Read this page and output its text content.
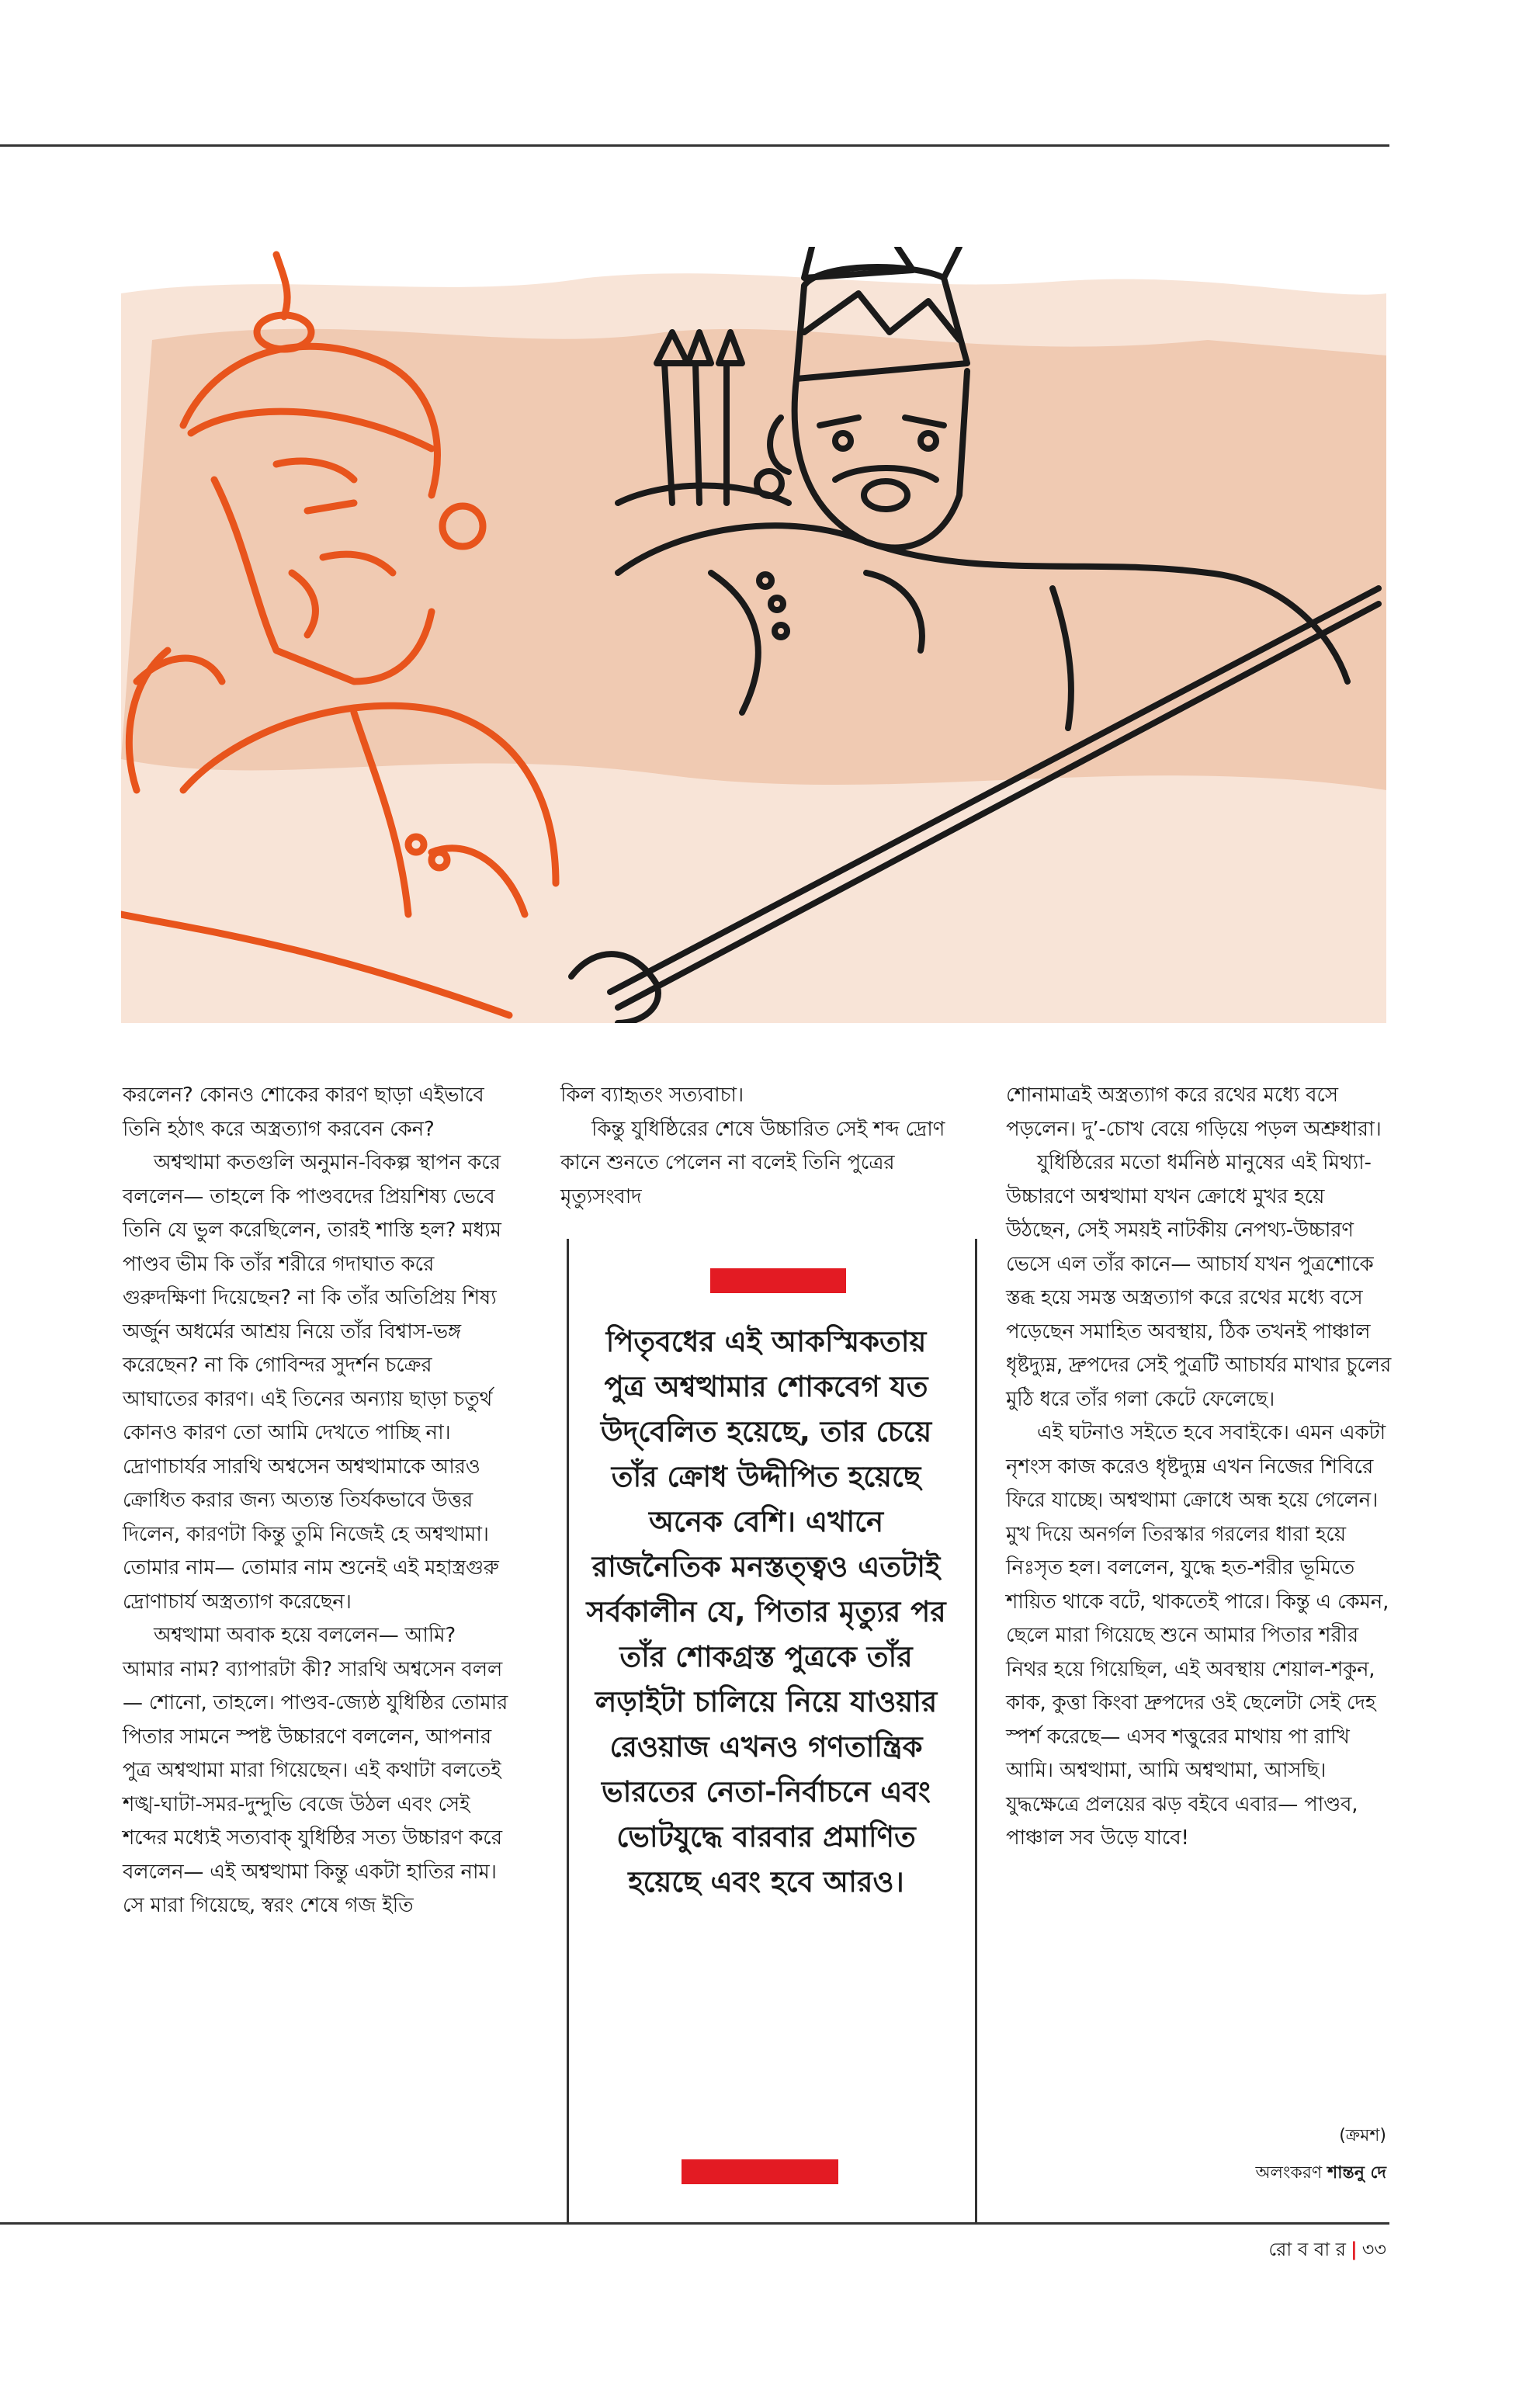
করলেন? কোনও শোকের কারণ ছাড়া এইভাবে তিনি হঠাৎ করে অস্ত্রত্যাগ করবেন কেন?

অশ্বত্থামা কতগুলি অনুমান-বিকল্প স্থাপন করে বললেন— তাহলে কি পাণ্ডবদের প্রিয়শিষ্য ভেবে তিনি যে ভুল করেছিলেন, তারই শাস্তি হল? মধ্যম পাণ্ডব ভীম কি তাঁর শরীরে গদাঘাত করে গুরুদক্ষিণা দিয়েছেন? না কি তাঁর অতিপ্রিয় শিষ্য অর্জুন অধর্মের আশ্রয় নিয়ে তাঁর বিশ্বাস-ভঙ্গ করেছেন? না কি গোবিন্দর সুদর্শন চক্রের আঘাতের কারণ। এই তিনের অন্যায় ছাড়া চতুর্থ কোনও কারণ তো আমি দেখতে পাচ্ছি না। দ্রোণাচার্যর সারথি অশ্বসেন অশ্বত্থামাকে আরও ক্রোধিত করার জন্য অত্যন্ত তির্যকভাবে উত্তর দিলেন, কারণটা কিন্তু তুমি নিজেই হে অশ্বত্থামা। তোমার নাম— তোমার নাম শুনেই এই মহাস্ত্রগুরু দ্রোণাচার্য অস্ত্রত্যাগ করেছেন।

অশ্বত্থামা অবাক হয়ে বললেন— আমি? আমার নাম? ব্যাপারটা কী? সারথি অশ্বসেন বলল— শোনো, তাহলে। পাণ্ডব-জ্যেষ্ঠ যুধিষ্ঠির তোমার পিতার সামনে স্পষ্ট উচ্চারণে বললেন, আপনার পুত্র অশ্বত্থামা মারা গিয়েছেন। এই কথাটা বলতেই শঙ্খ-ঘাটা-সমর-দুন্দুভি বেজে উঠল এবং সেই শব্দের মধ্যেই সত্যবাক্ যুধিষ্ঠির সত্য উচ্চারণ করে বললেন— এই অশ্বত্থামা কিন্তু একটা হাতির নাম। সে মারা গিয়েছে, স্বরং শেষে গজ ইতি

কিল ব্যাহৃতং সত্যবাচা।

কিন্তু যুধিষ্ঠিরের শেষে উচ্চারিত সেই শব্দ দ্রোণ কানে শুনতে পেলেন না বলেই তিনি পুত্রের মৃত্যুসংবাদ

পিতৃবধের এই আকস্মিকতায় পুত্র অশ্বত্থামার শোকবেগ যত উদ্‌বেলিত হয়েছে, তার চেয়ে তাঁর ক্রোধ উদ্দীপিত হয়েছে অনেক বেশি। এখানে রাজনৈতিক মনস্তত্ত্বও এতটাই সর্বকালীন যে, পিতার মৃত্যুর পর তাঁর শোকগ্রস্ত পুত্রকে তাঁর লড়াইটা চালিয়ে নিয়ে যাওয়ার রেওয়াজ এখনও গণতান্ত্রিক ভারতের নেতা-নির্বাচনে এবং ভোটযুদ্ধে বারবার প্রমাণিত হয়েছে এবং হবে আরও।

শোনামাত্রই অস্ত্রত্যাগ করে রথের মধ্যে বসে পড়লেন। দু’-চোখ বেয়ে গড়িয়ে পড়ল অশ্রুধারা।

যুধিষ্ঠিরের মতো ধর্মনিষ্ঠ মানুষের এই মিথ্যা-উচ্চারণে অশ্বত্থামা যখন ক্রোধে মুখর হয়ে উঠছেন, সেই সময়ই নাটকীয় নেপথ্য-উচ্চারণ ভেসে এল তাঁর কানে— আচার্য যখন পুত্রশোকে স্তব্ধ হয়ে সমস্ত অস্ত্রত্যাগ করে রথের মধ্যে বসে পড়েছেন সমাহিত অবস্থায়, ঠিক তখনই পাঞ্চাল ধৃষ্টদ্যুম্ন, দ্রুপদের সেই পুত্রটি আচার্যর মাথার চুলের মুঠি ধরে তাঁর গলা কেটে ফেলেছে।

এই ঘটনাও সইতে হবে সবাইকে। এমন একটা নৃশংস কাজ করেও ধৃষ্টদ্যুম্ন এখন নিজের শিবিরে ফিরে যাচ্ছে। অশ্বত্থামা ক্রোধে অন্ধ হয়ে গেলেন। মুখ দিয়ে অনর্গল তিরস্কার গরলের ধারা হয়ে নিঃসৃত হল। বললেন, যুদ্ধে হত-শরীর ভূমিতে শায়িত থাকে বটে, থাকতেই পারে। কিন্তু এ কেমন, ছেলে মারা গিয়েছে শুনে আমার পিতার শরীর নিথর হয়ে গিয়েছিল, এই অবস্থায় শেয়াল-শকুন, কাক, কুত্তা কিংবা দ্রুপদের ওই ছেলেটা সেই দেহ স্পর্শ করেছে— এসব শত্তুরের মাথায় পা রাখি আমি। অশ্বত্থামা, আমি অশ্বত্থামা, আসছি। যুদ্ধক্ষেত্রে প্রলয়ের ঝড় বইবে এবার— পাণ্ডব, পাঞ্চাল সব উড়ে যাবে!

(ক্রমশ)
অলংকরণ শান্তনু দে
রো ব বা র | ৩৩
